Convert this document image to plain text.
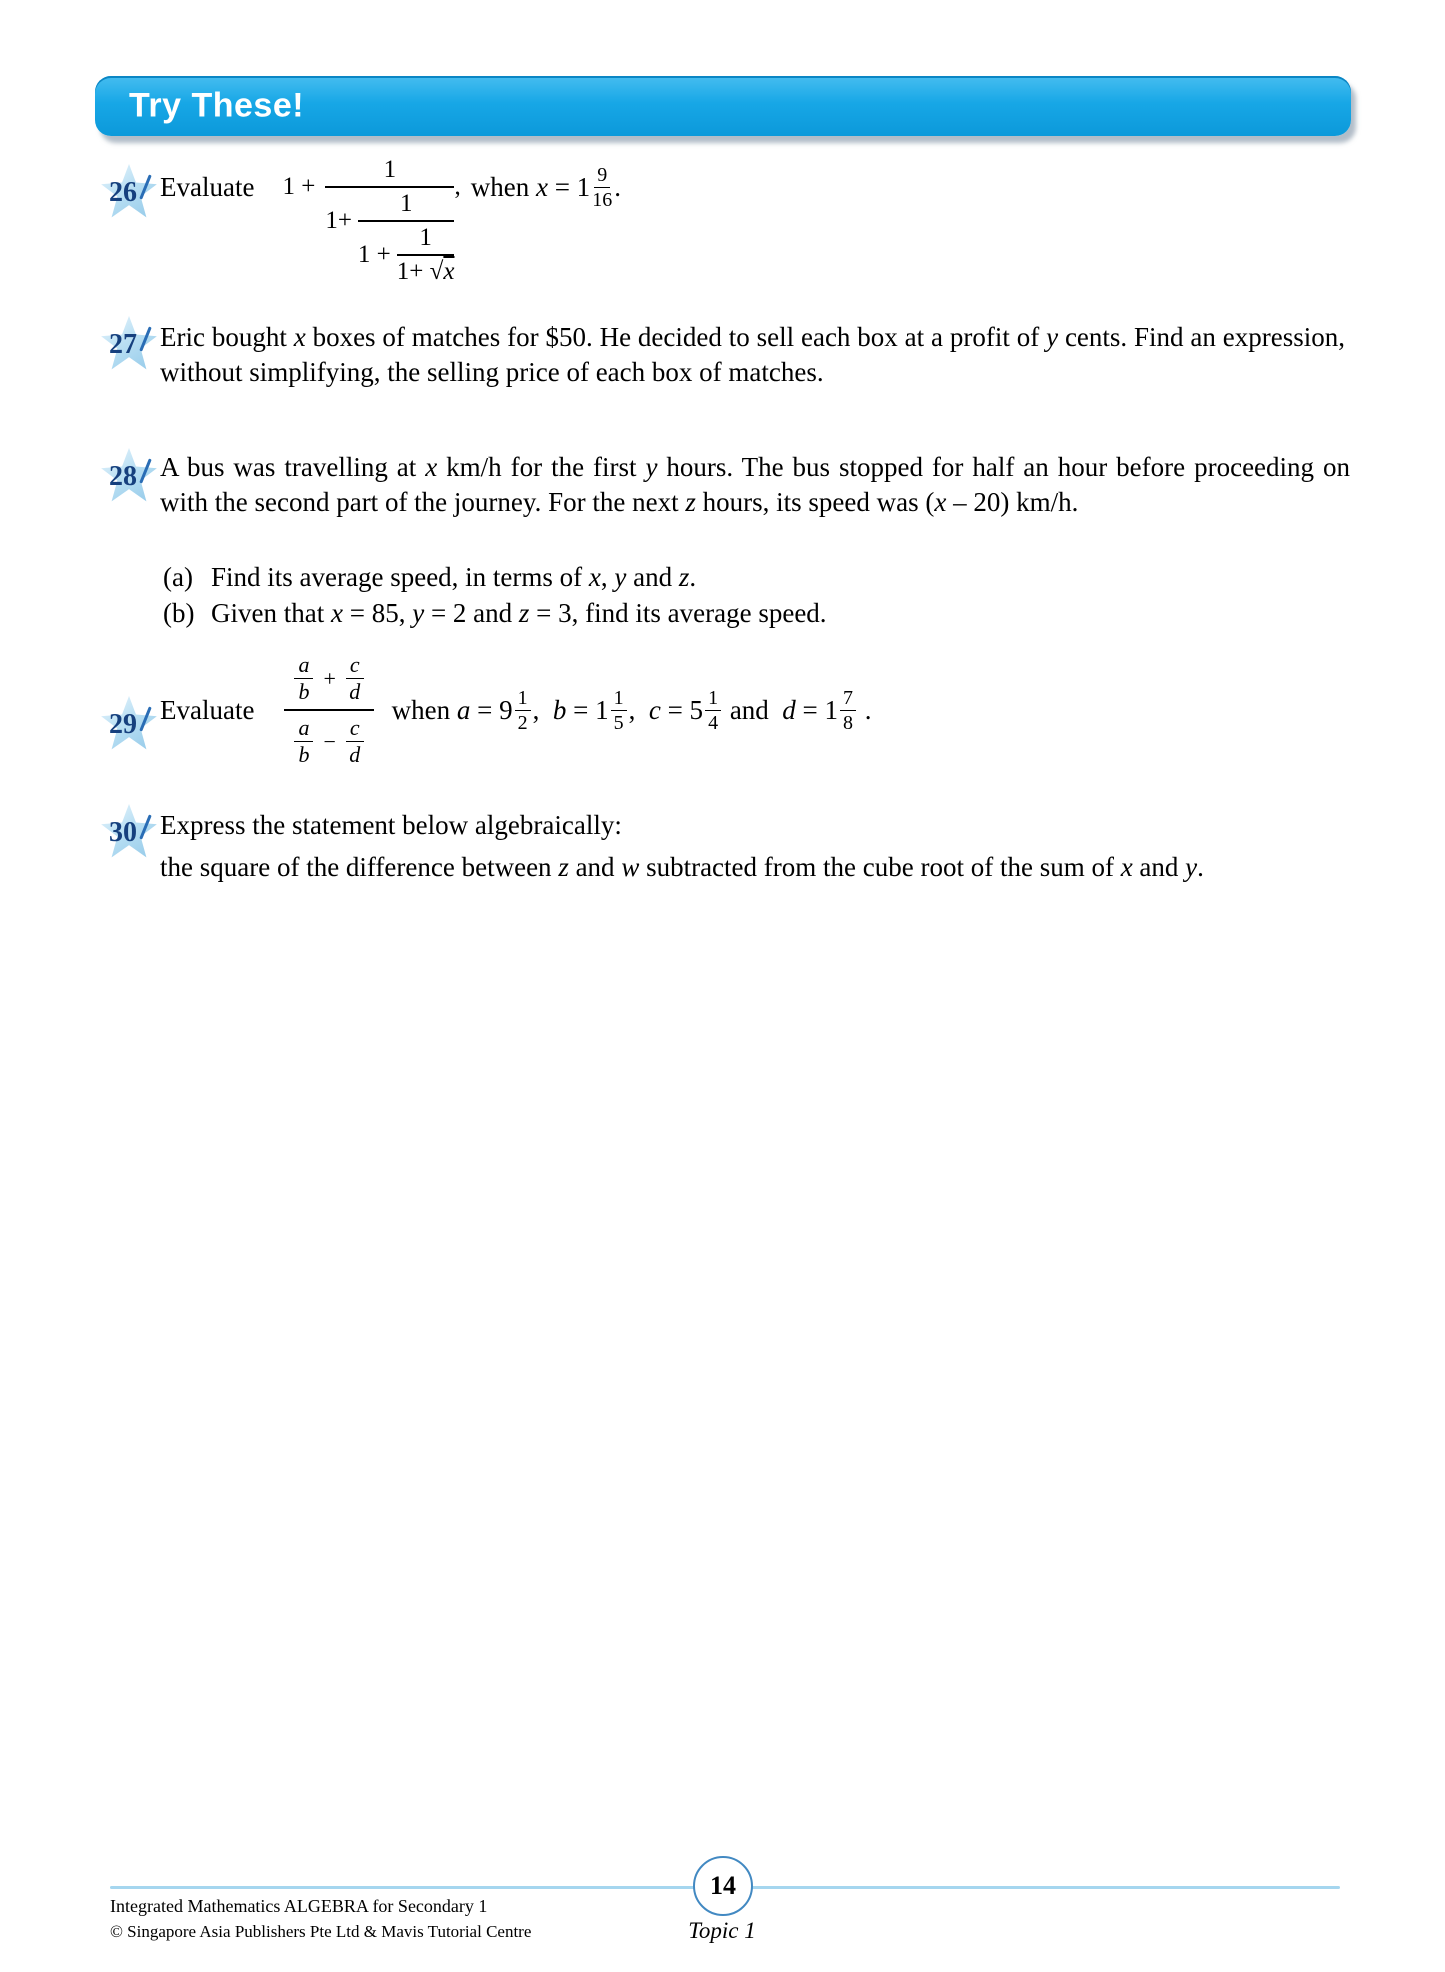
Try These!
26 Evaluate 1 +
1
1+
1
$1 + \frac{1}{1+ √ x}$
, when $x = 1 \frac{9}{16}$ .
27 Eric bought x boxes of matches for $50. He decided to sell each box at a profit of y cents. Find an expression, without simplifying, the selling price of each box of matches.
28 A bus was travelling at x km/h for the first y hours. The bus stopped for half an hour before proceeding on with the second part of the journey. For the next z hours, its speed was (x – 20) km/h.
(a) Find its average speed, in terms of x, y and z.
(b) Given that x = 85, y = 2 and z = 3, find its average speed.
29 Evaluate
a
b
+ $\frac{c}{d}$
a
b
− $\frac{c}{d}$
when a = 9 1
2 , b = 1 1
5 , c = 5 1
4 and d = 1 7
8 .
30 Express the statement below algebraically:
the square of the difference between z and w subtracted from the cube root of the sum of x and y.
14
Integrated Mathematics ALGEBRA for Secondary 1
© Singapore Asia Publishers Pte Ltd & Mavis Tutorial Centre	Topic 1
